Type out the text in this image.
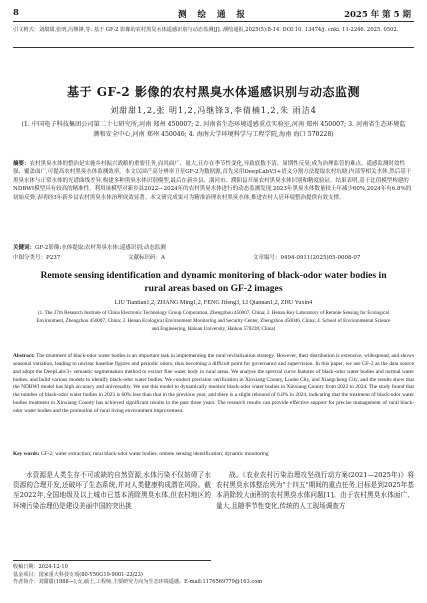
8	测 绘 通 报	2025 年 第 5 期

引文格式：刘甜甜,张明,冯继锋,等. 基于 GF-2 影像的农村黑臭水体遥感识别与动态监测[J]. 测绘通报,2025(5):8-14. DOI:10. 13474/j. cnki. 11-2246. 2025. 0502.

基于 GF-2 影像的农村黑臭水体遥感识别与动态监测

刘甜甜1,2,张 明1,2,冯继锋3,李倩楠1,2,朱 雨洁4

(1. 中国电子科技集团公司第二十七研究所,河南 郑州 450007; 2. 河南省生态环境遥感重点实验室,河南 郑州 450007; 3. 河南省生态环境监测和安全中心,河南 郑州 450046; 4. 海南大学环境科学与工程学院,海南 海口 570228)

摘要：农村黑臭水体的整治是实施乡村振兴战略的重要任务,而其面广、量大,且存在季节性变化,导致底数不清、周期性反臭,成为治理监管的难点。遥感监测时效性强、覆盖面广,可提高农村黑臭水体监测效率。本文以国产高分辨率卫星GF-2为数据源,首先采用DeepLabV3+语义分割方法提取农村坑塘,内部等相关水体,然后基于黑臭水体与正常水体的光谱曲线差异,构建多种黑臭水体识别模型,最后在新乡县、潢河市、濮阳县开展农村黑臭水体识别和精度验证。结果表明,基于比值模型构建的NDBWI模型具有较高的精准性。利用该模型对新乡县2022—2024年的农村黑臭水体进行的动态监测发现,2023年黑臭水体数量较上年减少60%,2024年有6.8%的初始反弹,表明经3年新乡县农村黑臭水体治理成效显著。本文研究成果可为精准治理农村黑臭水体,推进农村人居环境整治提供有效支撑。

关键词：GF-2影像;水体提取;农村黑臭水体;遥感识别;动态监测

中图分类号：P237	文献标识码：A	文章编号：0494-0911(2025)05-0008-07
Remote sensing identification and dynamic monitoring of black-odor water bodies in rural areas based on GF-2 images

LIU Tiantian1,2, ZHANG Ming1,2, FENG Jifeng3, LI Qiannan1,2, ZHU Yuxin4

(1. The 27th Research Institute of China Electronic Technology Group Corporation, Zhengzhou 450007, China; 2. Henan Key Laboratory of Remote Sensing for Ecological Environment, Zhengzhou 450007, China; 3. Henan Ecological Environment Monitoring and Security Center, Zhengzhou 450046, China; 4. School of Environmental Science and Engineering, Hainan University, Haikou 570228, China)

Abstract: The treatment of black-odor water bodies is an important task in implementing the rural revitalization strategy. However, their distribution is extensive, widespread, and shows seasonal variation, leading to unclear baseline figures and periodic odors, thus becoming a difficult point for governance and supervision. In this paper, we use GF-2 as the data source and adopt the DeepLabv3+ semantic segmentation method to extract fine water body in rural areas. We analyse the spectral curve features of black-odor water bodies and normal water bodies, and build various models to identify black-odor water bodies. We conduct precision verification in Xinxiang County, Luohe City, and Xiangcheng City, and the results show that the NDBWI model has high accuracy and universality. We use this model to dynamically monitor black-odor water bodies in Xinxiang County from 2022 to 2024. The study found that the number of black-odor water bodies in 2023 is 60% less than that in the previous year, and there is a slight rebound of 6.8% in 2024, indicating that the treatment of black-odor water bodies treatment in Xinxiang County has achieved significant results in the past three years. The research results can provide effective support for precise management of rural black-odor water bodies and the promotion of rural living environment improvement.

Key words: GF-2; water extraction; rural black-odor water bodies; remote sensing identification; dynamic monitoring

水资源是人类生存不可或缺的自然资源,水体污染不仅妨碍了水资源的合理开发,还破坏了生态系统,并对人类健康构成潜在风险。截至2022年,全国地级及以上城市已基本消除黑臭水体,但农村地区的环境污染治理仍是建设美丽中国的突出挑

战。《农业农村污染治理攻坚战行动方案(2021—2025年)》将农村黑臭水体整治列为"十四五"期间的重点任务,目标是到2025年基本消除较大面积的农村黑臭水体问题[1]。由于农村黑臭水体面广、量大,且随季节性变化,传统的人工现场调查方

收稿日期：2024-12-10
基金项目：国家重大科技专项(80-Y50G19-9001-22/23)
作者简介：刘甜甜(1988—),女,硕士,工程师,主要研究方向为生态环境遥感。E-mail:1176569779@163.com
